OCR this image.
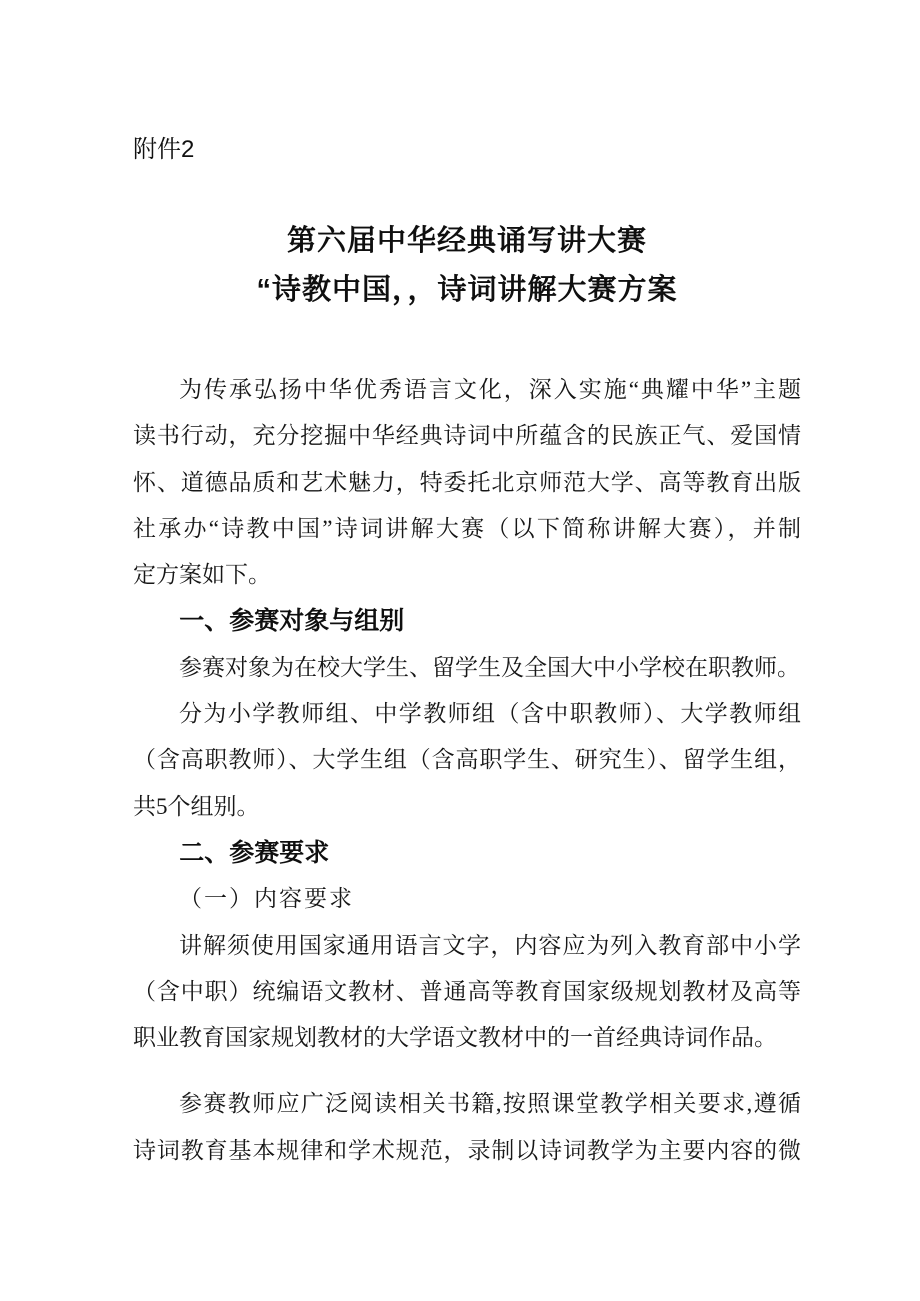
附件2
第六届中华经典诵写讲大赛
“诗教中国，，诗词讲解大赛方案
为传承弘扬中华优秀语言文化，深入实施“典耀中华”主题
读书行动，充分挖掘中华经典诗词中所蕴含的民族正气、爱国情
怀、道德品质和艺术魅力，特委托北京师范大学、高等教育出版
社承办“诗教中国”诗词讲解大赛（以下简称讲解大赛），并制
定方案如下。
一、参赛对象与组别
参赛对象为在校大学生、留学生及全国大中小学校在职教师。
分为小学教师组、中学教师组（含中职教师）、大学教师组
（含高职教师）、大学生组（含高职学生、研究生）、留学生组，
共5个组别。
二、参赛要求
（一）内容要求
讲解须使用国家通用语言文字，内容应为列入教育部中小学
（含中职）统编语文教材、普通高等教育国家级规划教材及高等
职业教育国家规划教材的大学语文教材中的一首经典诗词作品。
参赛教师应广泛阅读相关书籍,按照课堂教学相关要求,遵循
诗词教育基本规律和学术规范，录制以诗词教学为主要内容的微
